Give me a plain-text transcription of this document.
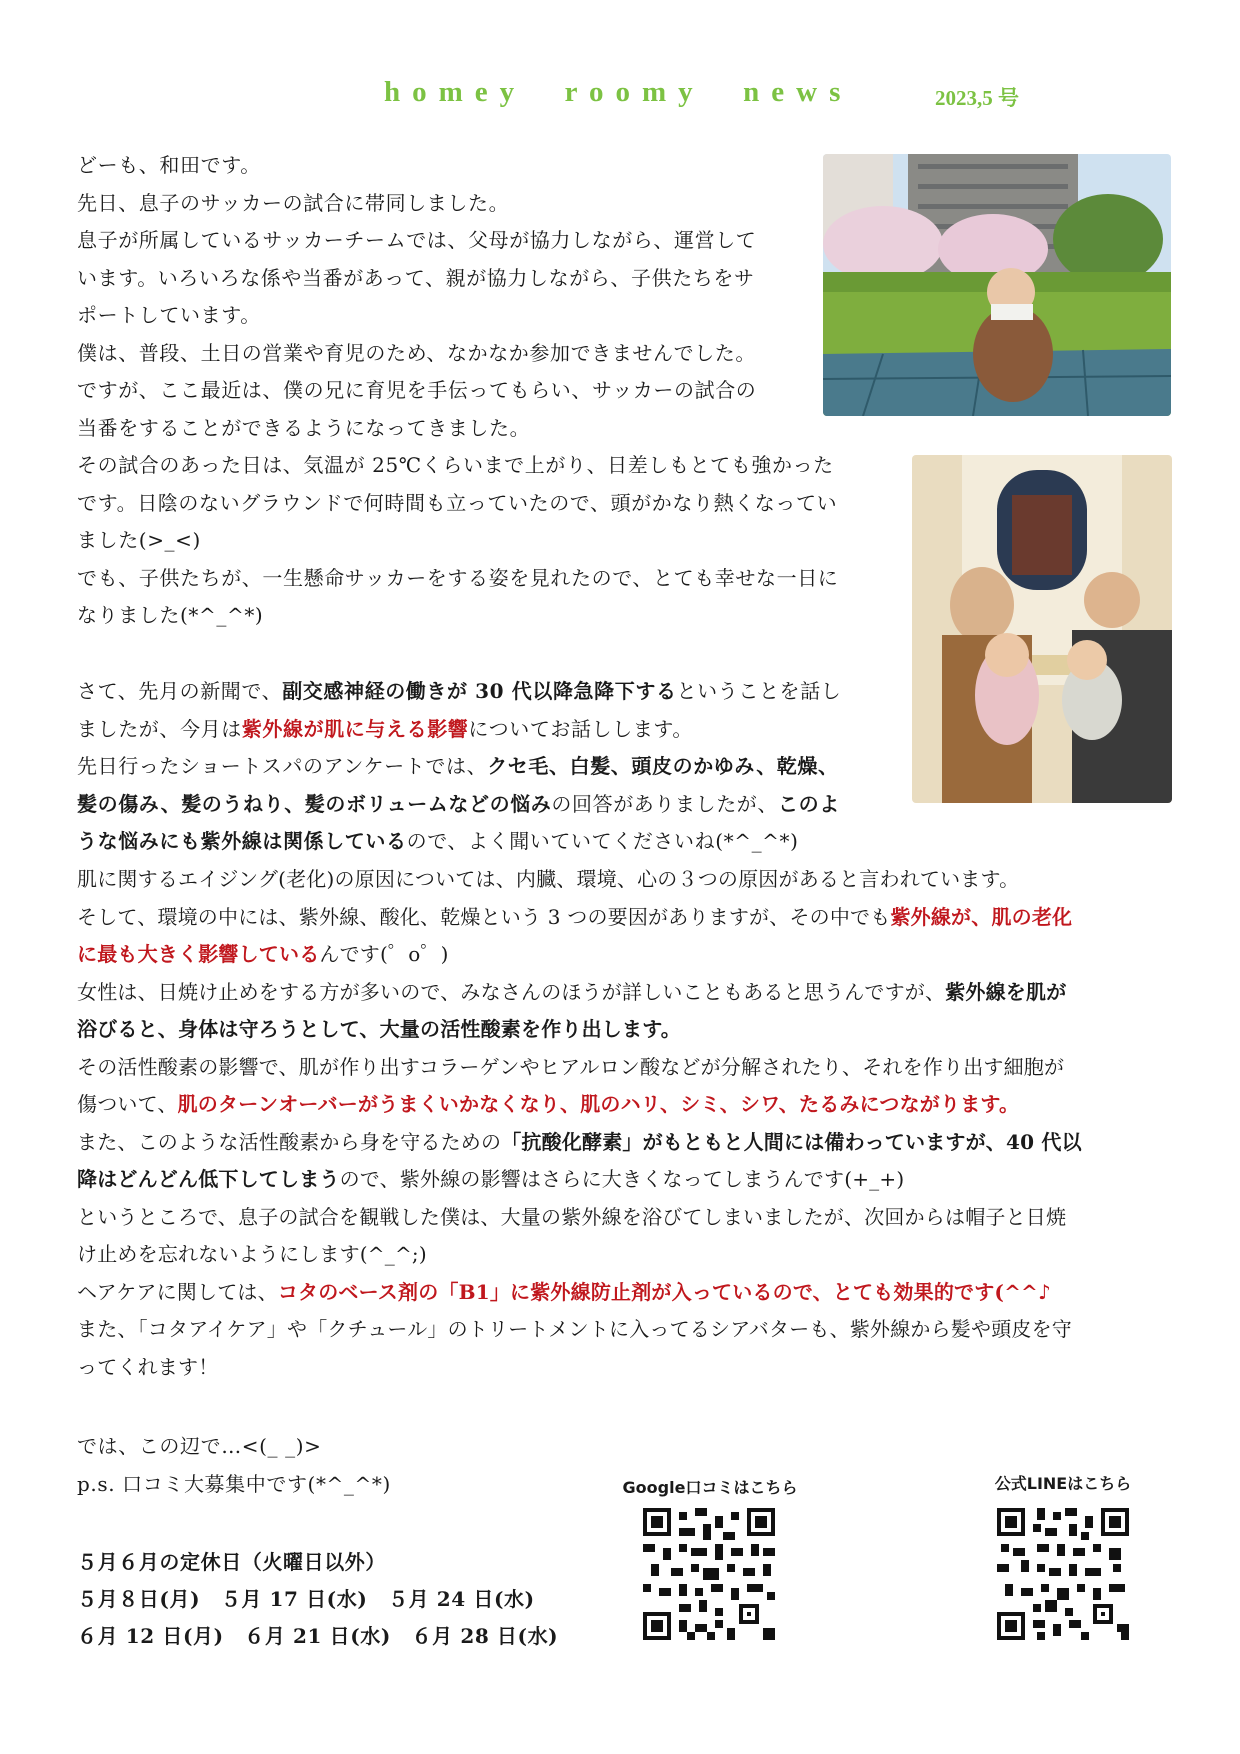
homey  roomy  news	2023,5 号
どーも、和田です。
先日、息子のサッカーの試合に帯同しました。
息子が所属しているサッカーチームでは、父母が協力しながら、運営して
います。いろいろな係や当番があって、親が協力しながら、子供たちをサ
ポートしています。
僕は、普段、土日の営業や育児のため、なかなか参加できませんでした。
ですが、ここ最近は、僕の兄に育児を手伝ってもらい、サッカーの試合の
当番をすることができるようになってきました。
その試合のあった日は、気温が 25℃くらいまで上がり、日差しもとても強かった
です。日陰のないグラウンドで何時間も立っていたので、頭がかなり熱くなってい
ました(>_<)
でも、子供たちが、一生懸命サッカーをする姿を見れたので、とても幸せな一日に
なりました(*^_^*)
さて、先月の新聞で、副交感神経の働きが 30 代以降急降下するということを話し
ましたが、今月は紫外線が肌に与える影響についてお話しします。
先日行ったショートスパのアンケートでは、クセ毛、白髪、頭皮のかゆみ、乾燥、
髪の傷み、髪のうねり、髪のボリュームなどの悩みの回答がありましたが、このよ
うな悩みにも紫外線は関係しているので、よく聞いていてくださいね(*^_^*)
肌に関するエイジング(老化)の原因については、内臓、環境、心の３つの原因があると言われています。
そして、環境の中には、紫外線、酸化、乾燥という 3 つの要因がありますが、その中でも紫外線が、肌の老化
に最も大きく影響しているんです(゜o゜)
女性は、日焼け止めをする方が多いので、みなさんのほうが詳しいこともあると思うんですが、紫外線を肌が
浴びると、身体は守ろうとして、大量の活性酸素を作り出します。
その活性酸素の影響で、肌が作り出すコラーゲンやヒアルロン酸などが分解されたり、それを作り出す細胞が
傷ついて、肌のターンオーバーがうまくいかなくなり、肌のハリ、シミ、シワ、たるみにつながります。
また、このような活性酸素から身を守るための「抗酸化酵素」がもともと人間には備わっていますが、40 代以
降はどんどん低下してしまうので、紫外線の影響はさらに大きくなってしまうんです(+_+)
というところで、息子の試合を観戦した僕は、大量の紫外線を浴びてしまいましたが、次回からは帽子と日焼
け止めを忘れないようにします(^_^;)
ヘアケアに関しては、コタのベース剤の「B1」に紫外線防止剤が入っているので、とても効果的です(^^♪
また、「コタアイケア」や「クチュール」のトリートメントに入ってるシアバターも、紫外線から髪や頭皮を守
ってくれます！
では、この辺で…<(_ _)>
p.s. 口コミ大募集中です(*^_^*)
５月６月の定休日（火曜日以外）
５月８日(月)　５月 17 日(水)　５月 24 日(水)
６月 12 日(月)　６月 21 日(水)　６月 28 日(水)
Google口コミはこちら	公式LINEはこちら
